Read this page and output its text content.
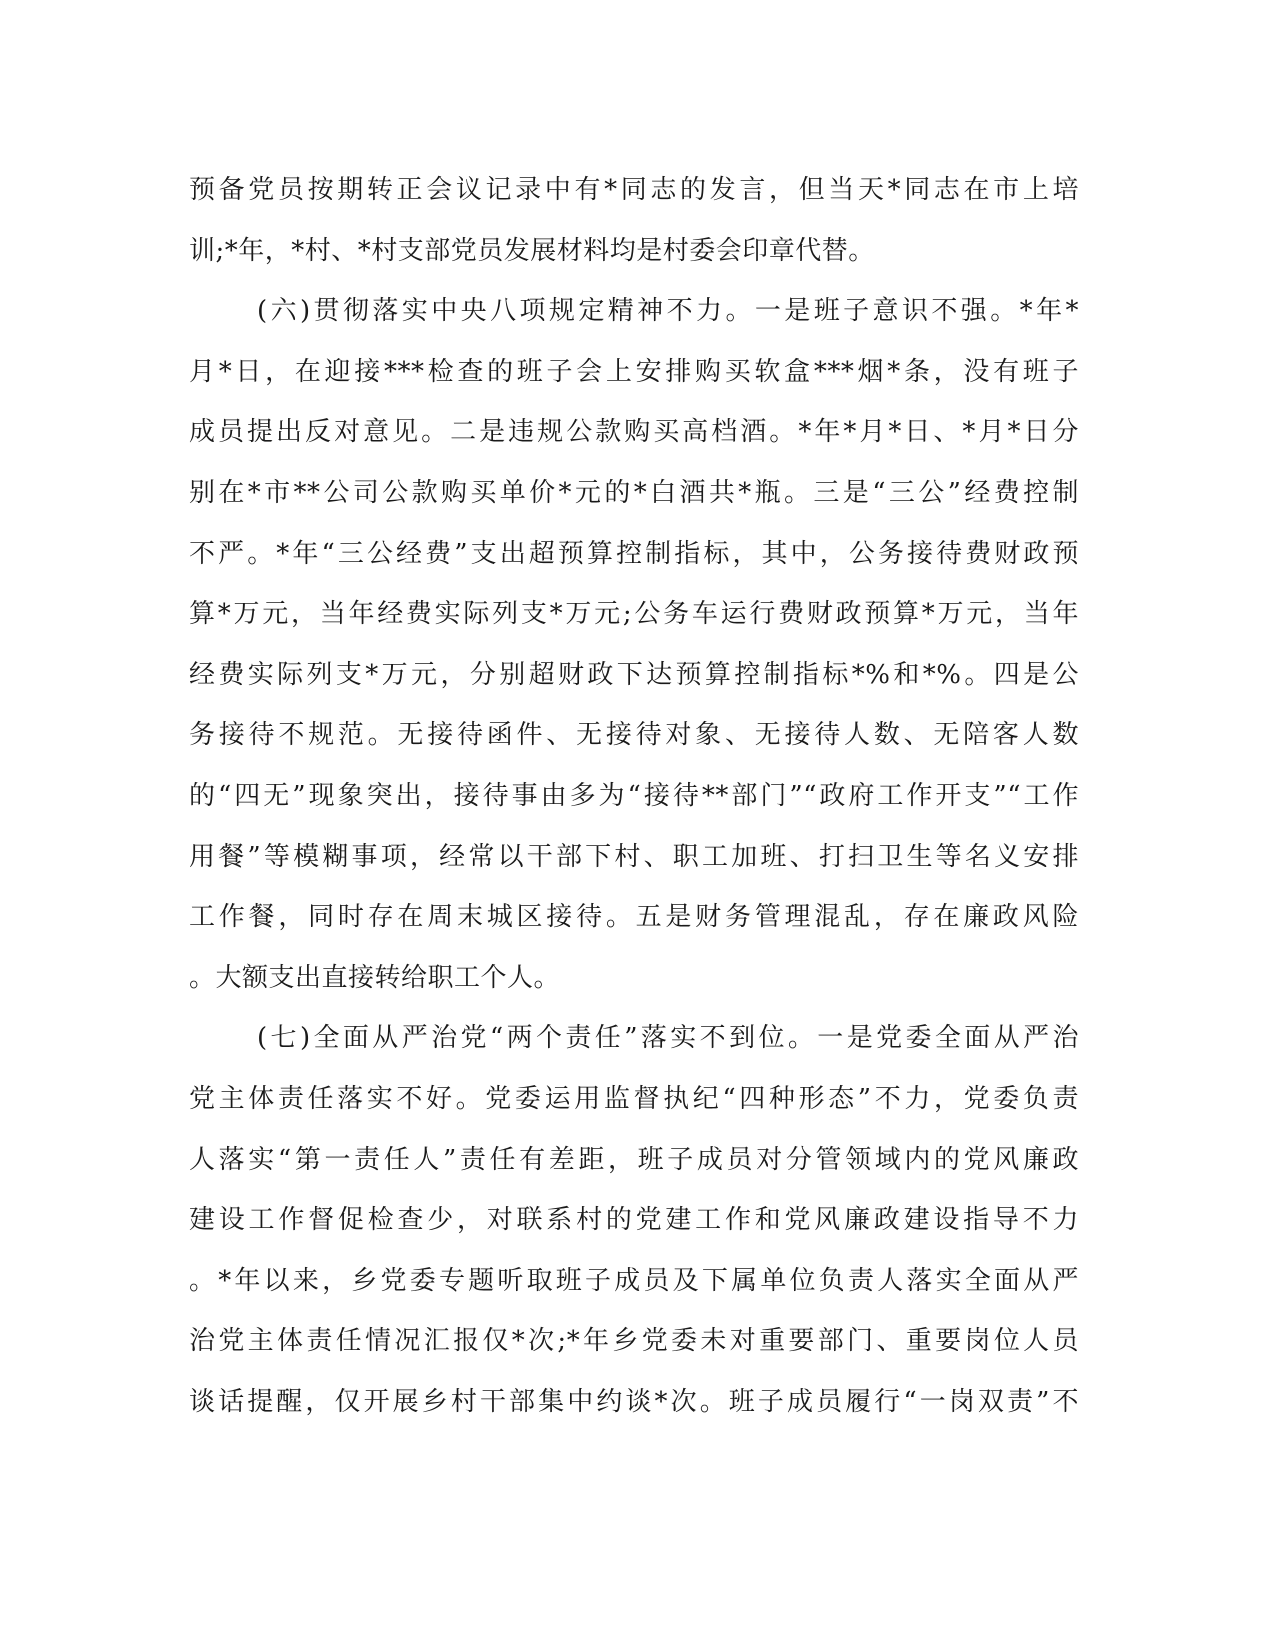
预备党员按期转正会议记录中有*同志的发言，但当天*同志在市上培
训;*年，*村、*村支部党员发展材料均是村委会印章代替。
(六)贯彻落实中央八项规定精神不力。一是班子意识不强。*年*
月*日，在迎接***检查的班子会上安排购买软盒***烟*条，没有班子
成员提出反对意见。二是违规公款购买高档酒。*年*月*日、*月*日分
别在*市**公司公款购买单价*元的*白酒共*瓶。三是“三公”经费控制
不严。*年“三公经费”支出超预算控制指标，其中，公务接待费财政预
算*万元，当年经费实际列支*万元;公务车运行费财政预算*万元，当年
经费实际列支*万元，分别超财政下达预算控制指标*%和*%。四是公
务接待不规范。无接待函件、无接待对象、无接待人数、无陪客人数
的“四无”现象突出，接待事由多为“接待**部门”“政府工作开支”“工作
用餐”等模糊事项，经常以干部下村、职工加班、打扫卫生等名义安排
工作餐，同时存在周末城区接待。五是财务管理混乱，存在廉政风险
。大额支出直接转给职工个人。
(七)全面从严治党“两个责任”落实不到位。一是党委全面从严治
党主体责任落实不好。党委运用监督执纪“四种形态”不力，党委负责
人落实“第一责任人”责任有差距，班子成员对分管领域内的党风廉政
建设工作督促检查少，对联系村的党建工作和党风廉政建设指导不力
。*年以来，乡党委专题听取班子成员及下属单位负责人落实全面从严
治党主体责任情况汇报仅*次;*年乡党委未对重要部门、重要岗位人员
谈话提醒，仅开展乡村干部集中约谈*次。班子成员履行“一岗双责”不
